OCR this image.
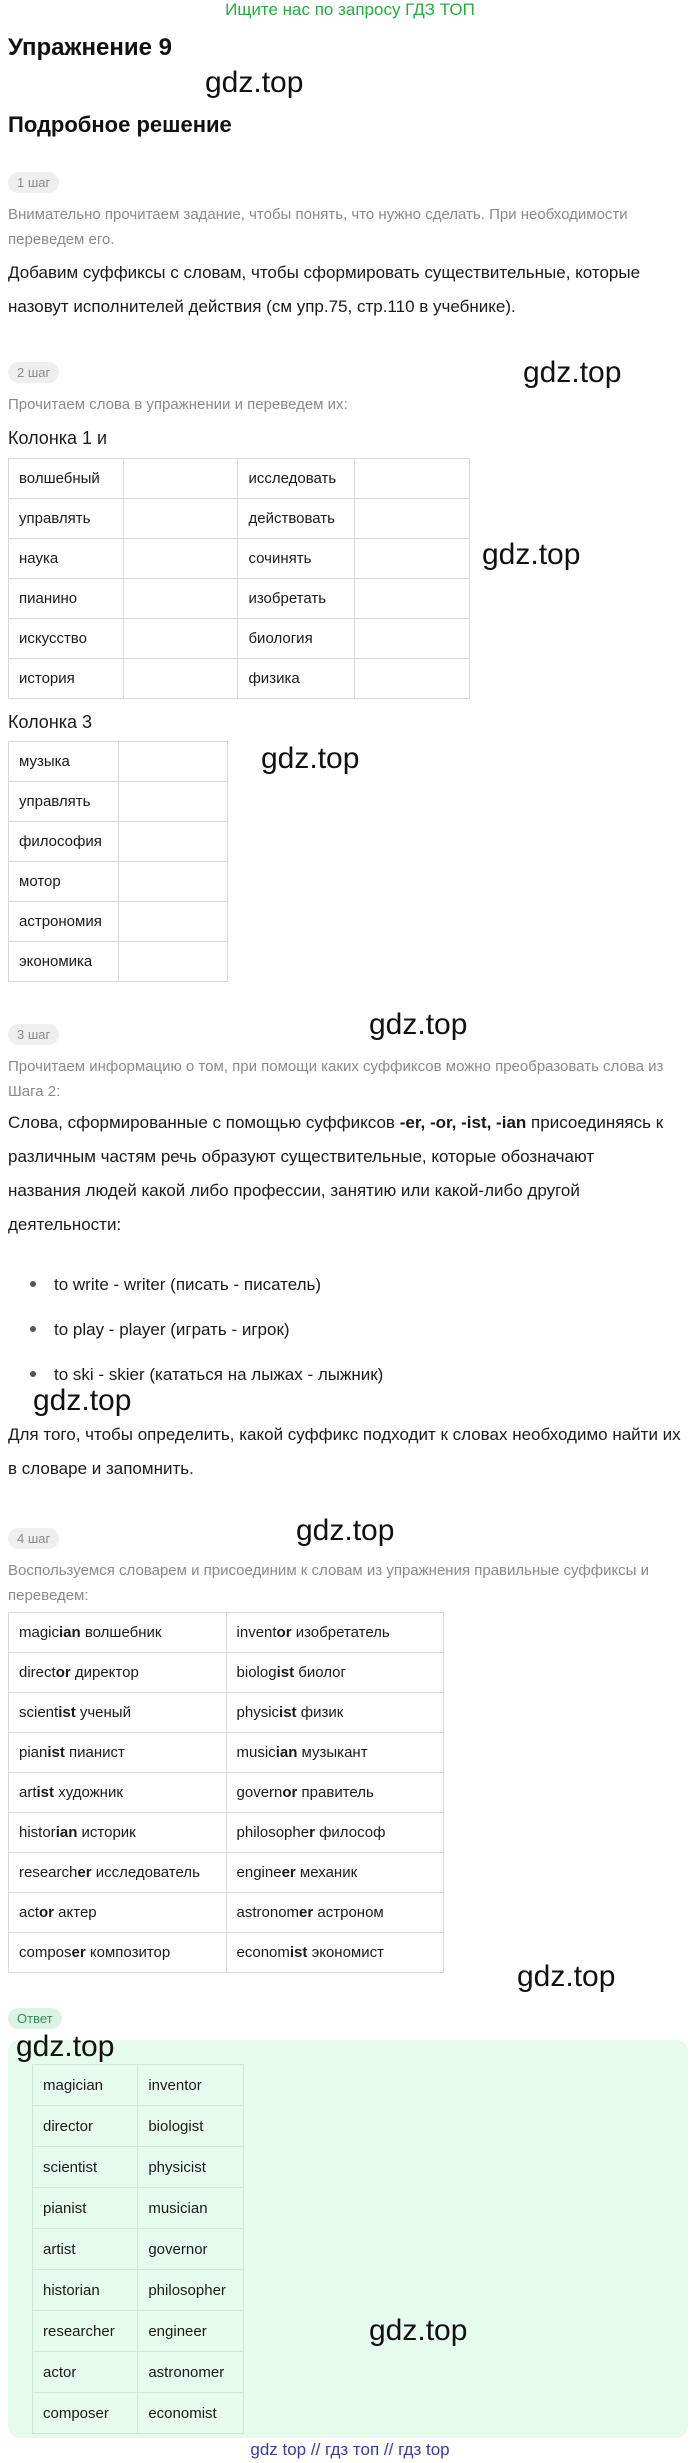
Ищите нас по запросу ГДЗ ТОП
Упражнение 9
gdz.top
Подробное решение
1 шаг
Внимательно прочитаем задание, чтобы понять, что нужно сделать. При необходимости переведем его.
Добавим суффиксы с словам, чтобы сформировать существительные, которые назовут исполнителей действия (см упр.75, стр.110 в учебнике).
2 шаг	gdz.top
Прочитаем слова в упражнении и переведем их:
Колонка 1 и
волшебный		исследовать	
управлять		действовать	
наука		сочинять	
пианино		изобретать	
искусство		биология	
история		физика	
gdz.top
Колонка 3
музыка	
управлять	
философия	
мотор	
астрономия	
экономика	
gdz.top
gdz.top
3 шаг
Прочитаем информацию о том, при помощи каких суффиксов можно преобразовать слова из Шага 2:
Слова, сформированные с помощью суффиксов -er, -or, -ist, -ian присоединяясь к различным частям речь образуют существительные, которые обозначают названия людей какой либо профессии, занятию или какой-либо другой деятельности:
to write - writer (писать - писатель)
to play - player (играть - игрок)
to ski - skier (кататься на лыжах - лыжник)
gdz.top
Для того, чтобы определить, какой суффикс подходит к словах необходимо найти их в словаре и запомнить.
gdz.top
4 шаг
Воспользуемся словарем и присоединим к словам из упражнения правильные суффиксы и переведем:
magician волшебник	inventor изобретатель
director директор	biologist биолог
scientist ученый	physicist физик
pianist пианист	musician музыкант
artist художник	governor правитель
historian историк	philosopher философ
researcher исследователь	engineer механик
actor актер	astronomer астроном
composer композитор	economist экономист
gdz.top
Ответ
gdz.top
magician	inventor
director	biologist
scientist	physicist
pianist	musician
artist	governor
historian	philosopher
researcher	engineer
actor	astronomer
composer	economist
gdz.top
gdz top // гдз топ // гдз top
